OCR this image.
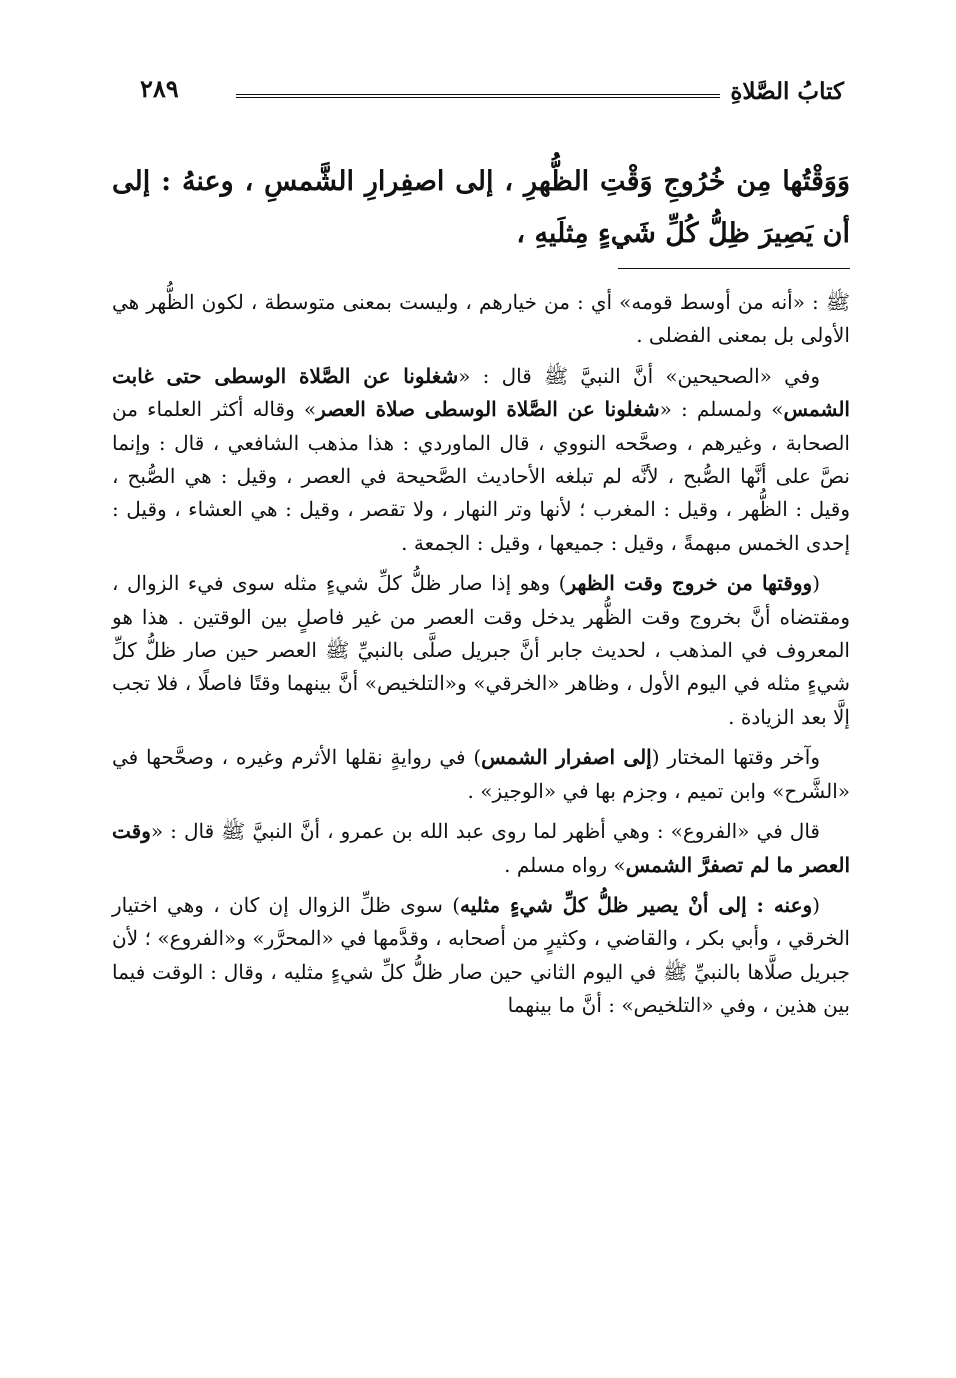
كتابُ الصَّلاةِ
٢٨٩
وَوَقْتُها مِن خُرُوجِ وَقْتِ الظُّهرِ ، إلى اصفِرارِ الشَّمسِ ، وعنهُ : إلى أن يَصِيرَ ظِلُّ كُلِّ شَيءٍ مِثلَيهِ ،

ﷺ : «أنه من أوسط قومه» أي : من خيارهم ، وليست بمعنى متوسطة ، لكون الظُّهر هي الأولى بل بمعنى الفضلى .

وفي «الصحيحين» أنَّ النبيَّ ﷺ قال : «شغلونا عن الصَّلاة الوسطى حتى غابت الشمس» ولمسلم : «شغلونا عن الصَّلاة الوسطى صلاة العصر» وقاله أكثر العلماء من الصحابة ، وغيرهم ، وصحَّحه النووي ، قال الماوردي : هذا مذهب الشافعي ، قال : وإنما نصَّ على أنَّها الصُّبح ، لأنَّه لم تبلغه الأحاديث الصَّحيحة في العصر ، وقيل : هي الصُّبح ، وقيل : الظُّهر ، وقيل : المغرب ؛ لأنها وتر النهار ، ولا تقصر ، وقيل : هي العشاء ، وقيل : إحدى الخمس مبهمةً ، وقيل : جميعها ، وقيل : الجمعة .

(ووقتها من خروج وقت الظهر) وهو إذا صار ظلُّ كلِّ شيءٍ مثله سوى فيء الزوال ، ومقتضاه أنَّ بخروج وقت الظُّهر يدخل وقت العصر من غير فاصلٍ بين الوقتين . هذا هو المعروف في المذهب ، لحديث جابر أنَّ جبريل صلَّى بالنبيِّ ﷺ العصر حين صار ظلُّ كلِّ شيءٍ مثله في اليوم الأول ، وظاهر «الخرقي» و«التلخيص» أنَّ بينهما وقتًا فاصلًا ، فلا تجب إلَّا بعد الزيادة .

وآخر وقتها المختار (إلى اصفرار الشمس) في روايةٍ نقلها الأثرم وغيره ، وصحَّحها في «الشَّرح» وابن تميم ، وجزم بها في «الوجيز» .

قال في «الفروع» : وهي أظهر لما روى عبد الله بن عمرو ، أنَّ النبيَّ ﷺ قال : «وقت العصر ما لم تصفرَّ الشمس» رواه مسلم .

(وعنه : إلى أنْ يصير ظلُّ كلِّ شيءٍ مثليه) سوى ظلِّ الزوال إن كان ، وهي اختيار الخرقي ، وأبي بكر ، والقاضي ، وكثيرٍ من أصحابه ، وقدَّمها في «المحرَّر» و«الفروع» ؛ لأن جبريل صلَّاها بالنبيِّ ﷺ في اليوم الثاني حين صار ظلُّ كلِّ شيءٍ مثليه ، وقال : الوقت فيما بين هذين ، وفي «التلخيص» : أنَّ ما بينهما
